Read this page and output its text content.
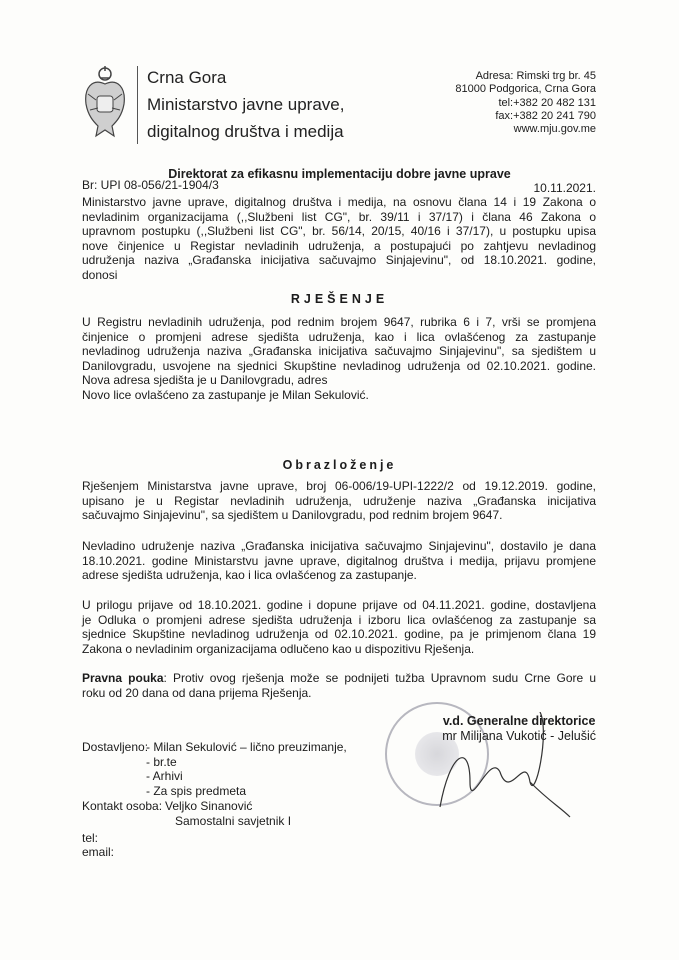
Crna Gora
Ministarstvo javne uprave,
digitalnog društva i medija
Adresa: Rimski trg br. 45
81000 Podgorica, Crna Gora
tel:+382 20 482 131
fax:+382 20 241 790
www.mju.gov.me
Direktorat za efikasnu implementaciju dobre javne uprave
Br: UPI 08-056/21-1904/3	10.11.2021.
Ministarstvo javne uprave, digitalnog društva i medija, na osnovu člana 14 i 19 Zakona o
nevladinim organizacijama (,,Službeni list CG", br. 39/11 i 37/17) i člana 46 Zakona o
upravnom postupku (,,Službeni list CG", br. 56/14, 20/15, 40/16 i 37/17), u postupku upisa
nove činjenice u Registar nevladinih udruženja, a postupajući po zahtjevu nevladinog
udruženja naziva „Građanska inicijativa sačuvajmo Sinjajevinu", od 18.10.2021. godine,
donosi
RJEŠENJE
U Registru nevladinih udruženja, pod rednim brojem 9647, rubrika 6 i 7, vrši se promjena
činjenice o promjeni adrese sjedišta udruženja, kao i lica ovlašćenog za zastupanje
nevladinog udruženja naziva „Građanska inicijativa sačuvajmo Sinjajevinu", sa sjedištem u
Danilovgradu, usvojene na sjednici Skupštine nevladinog udruženja od 02.10.2021. godine.
Nova adresa sjedišta je u Danilovgradu, adres
Novo lice ovlašćeno za zastupanje je Milan Sekulović.
Obrazloženje
Rješenjem Ministarstva javne uprave, broj 06-006/19-UPI-1222/2 od 19.12.2019. godine,
upisano je u Registar nevladinih udruženja, udruženje naziva „Građanska inicijativa
sačuvajmo Sinjajevinu", sa sjedištem u Danilovgradu, pod rednim brojem 9647.
Nevladino udruženje naziva „Građanska inicijativa sačuvajmo Sinjajevinu", dostavilo je dana
18.10.2021. godine Ministarstvu javne uprave, digitalnog društva i medija, prijavu promjene
adrese sjedišta udruženja, kao i lica ovlašćenog za zastupanje.
U prilogu prijave od 18.10.2021. godine i dopune prijave od 04.11.2021. godine, dostavljena
je Odluka o promjeni adrese sjedišta udruženja i izboru lica ovlašćenog za zastupanje sa
sjednice Skupštine nevladinog udruženja od 02.10.2021. godine, pa je primjenom člana 19
Zakona o nevladinim organizacijama odlučeno kao u dispozitivu Rješenja.
Pravna pouka: Protiv ovog rješenja može se podnijeti tužba Upravnom sudu Crne Gore u
roku od 20 dana od dana prijema Rješenja.
v.d. Generalne direktorice
mr Milijana Vukotić - Jelušić
Dostavljeno:
- Milan Sekulović – lično preuzimanje,
- br.te
- Arhivi
- Za spis predmeta
Kontakt osoba: Veljko Sinanović
Samostalni savjetnik I
tel:
email:
